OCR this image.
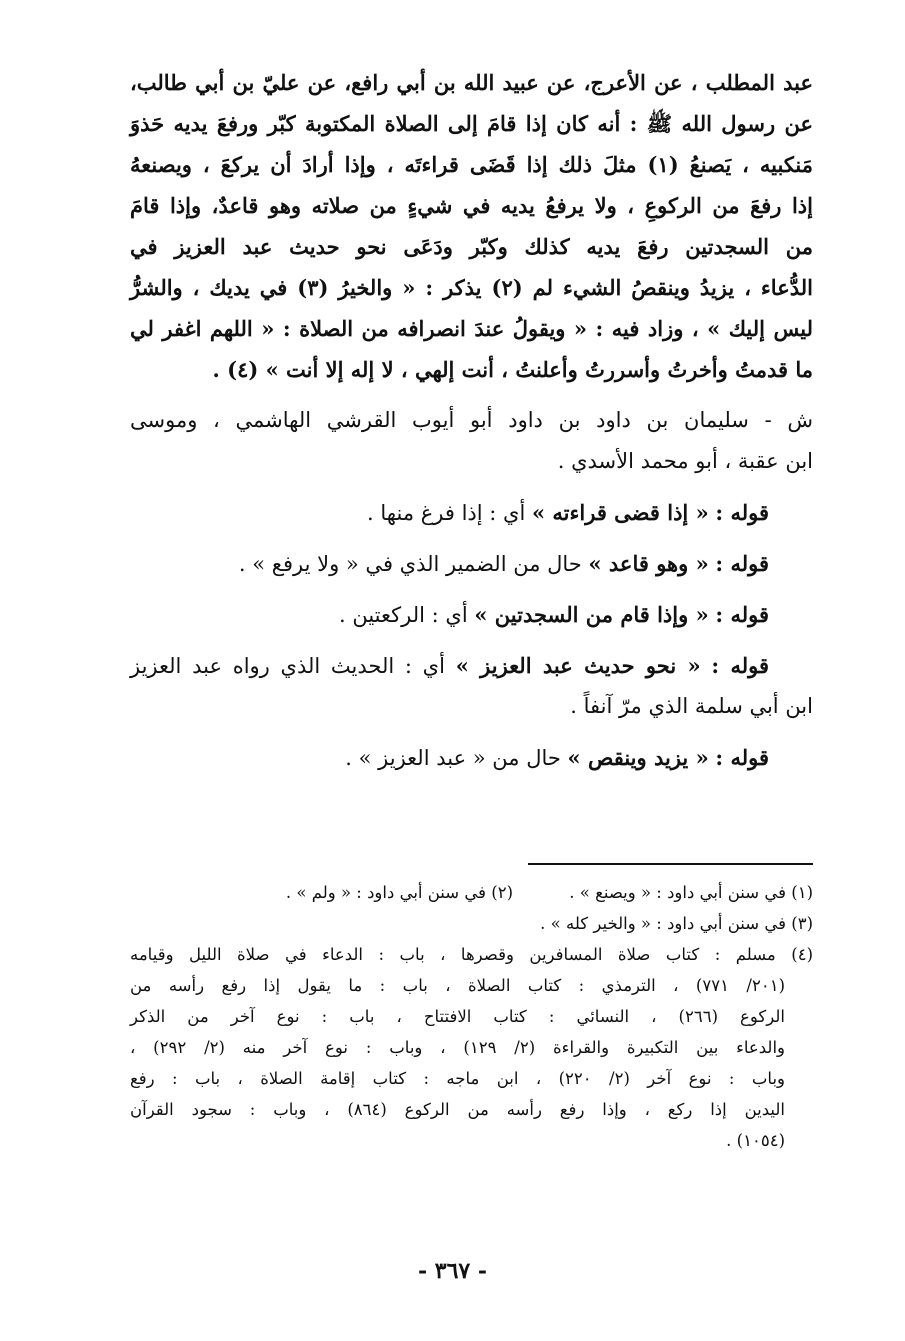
عبد المطلب ، عن الأعرج، عن عبيد الله بن أبي رافع، عن عليّ بن أبي طالب،
عن رسول الله ﷺ : أنه كان إذا قامَ إلى الصلاة المكتوبة كبّر ورفعَ يديه حَذوَ
مَنكبيه ، يَصنعُ (١) مثلَ ذلك إذا قَضَى قراءتَه ، وإذا أرادَ أن يركعَ ، ويصنعهُ
إذا رفعَ من الركوعِ ، ولا يرفعُ يديه في شيءٍ من صلاته وهو قاعدٌ، وإذا قامَ
من السجدتين رفعَ يديه كذلك وكبّر ودَعَى نحو حديث عبد العزيز في
الدُّعاء ، يزيدُ وينقصُ الشيء لم (٢) يذكر : « والخيرُ (٣) في يديك ، والشرُّ
ليس إليك » ، وزاد فيه : « ويقولُ عندَ انصرافه من الصلاة : « اللهم اغفر لي
ما قدمتُ وأخرتُ وأسررتُ وأعلنتُ ، أنت إلهي ، لا إله إلا أنت » (٤) .
ش - سليمان بن داود بن داود أبو أيوب القرشي الهاشمي ، وموسى
ابن عقبة ، أبو محمد الأسدي .
قوله : « إذا قضى قراءته » أي : إذا فرغ منها .
قوله : « وهو قاعد » حال من الضمير الذي في « ولا يرفع » .
قوله : « وإذا قام من السجدتين » أي : الركعتين .
قوله : « نحو حديث عبد العزيز » أي : الحديث الذي رواه عبد العزيز
ابن أبي سلمة الذي مرّ آنفاً .
قوله : « يزيد وينقص » حال من « عبد العزيز » .
(١) في سنن أبي داود : « ويصنع » .
(٢) في سنن أبي داود : « ولم » .
(٣) في سنن أبي داود : « والخير كله » .
(٤) مسلم : كتاب صلاة المسافرين وقصرها ، باب : الدعاء في صلاة الليل وقيامه
(٢٠١/ ٧٧١) ، الترمذي : كتاب الصلاة ، باب : ما يقول إذا رفع رأسه من
الركوع (٢٦٦) ، النسائي : كتاب الافتتاح ، باب : نوع آخر من الذكر
والدعاء بين التكبيرة والقراءة (٢/ ١٢٩) ، وباب : نوع آخر منه (٢/ ٢٩٢) ،
وباب : نوع آخر (٢/ ٢٢٠) ، ابن ماجه : كتاب إقامة الصلاة ، باب : رفع
اليدين إذا ركع ، وإذا رفع رأسه من الركوع (٨٦٤) ، وباب : سجود القرآن
(١٠٥٤) .
- ٣٦٧ -
